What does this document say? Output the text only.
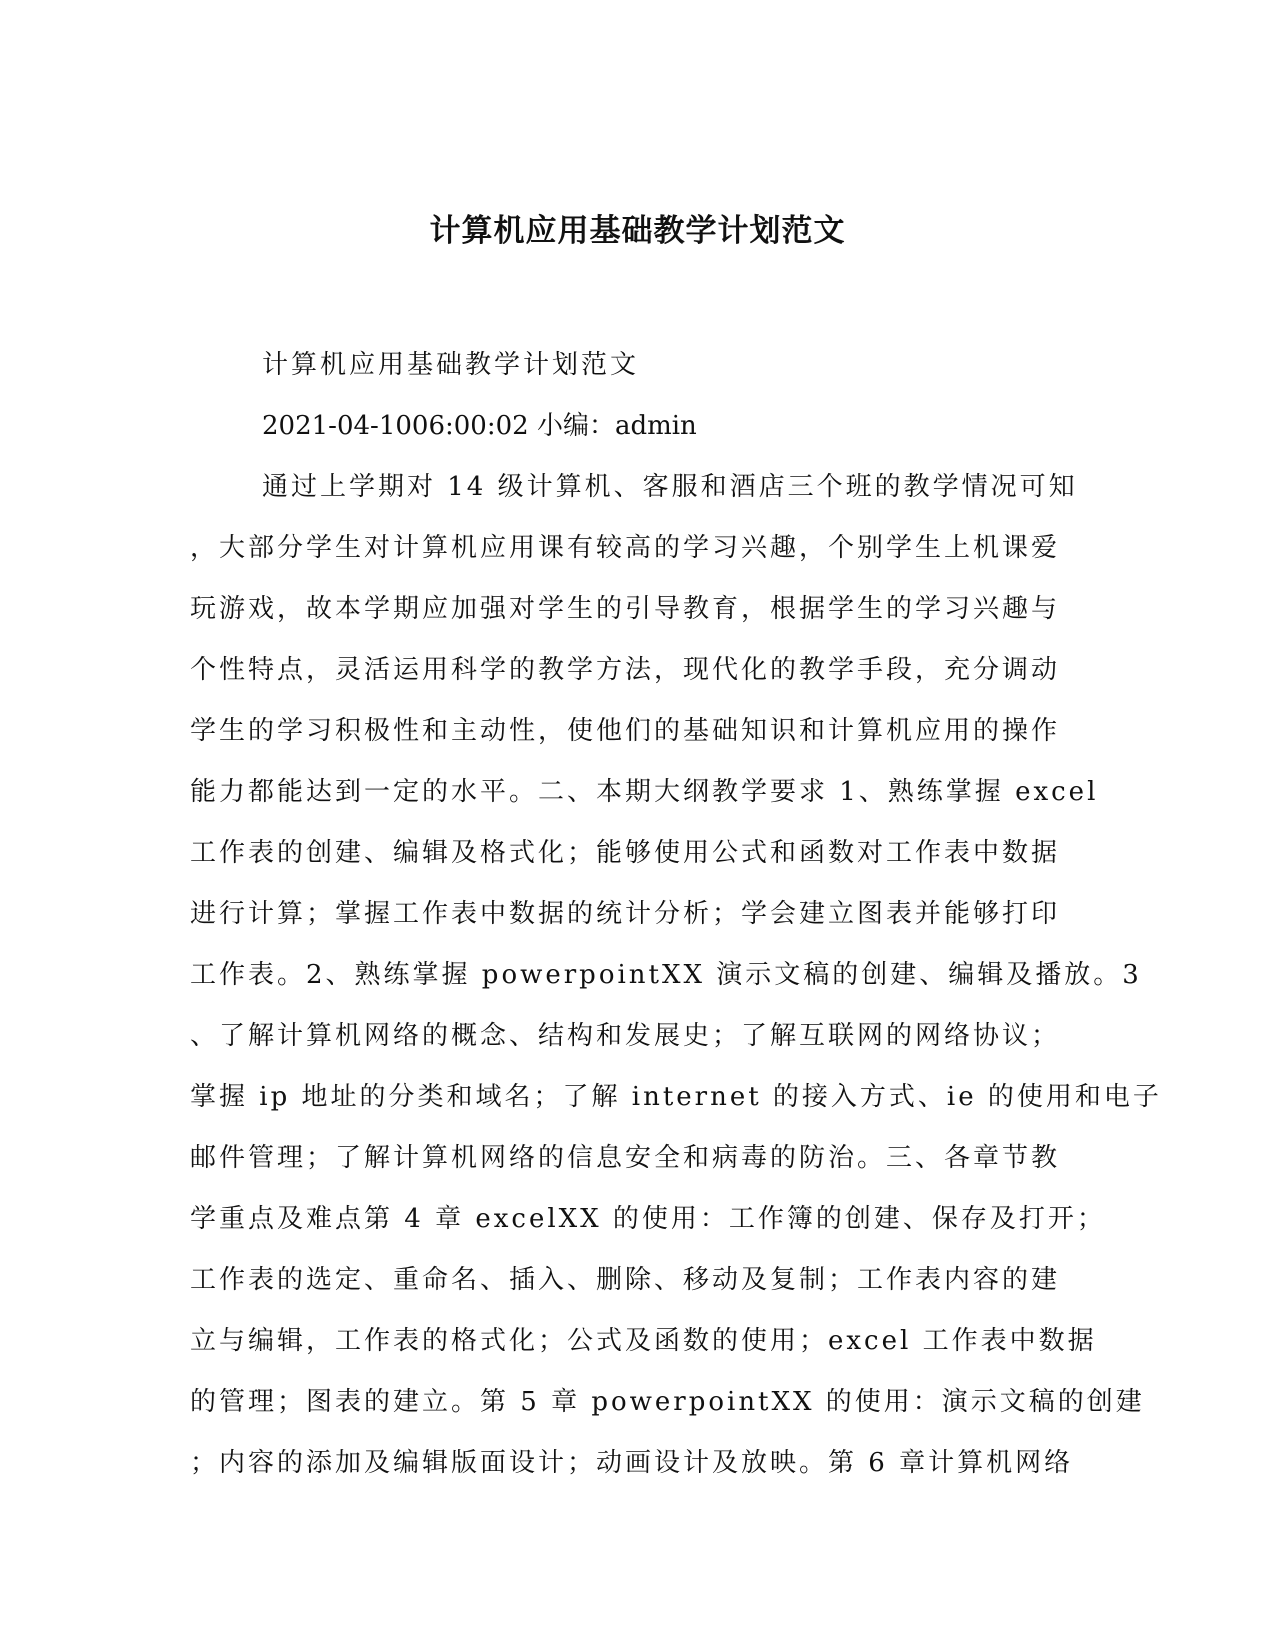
计算机应用基础教学计划范文

计算机应用基础教学计划范文

2021-04-1006:00:02 小编：admin

通过上学期对 14 级计算机、客服和酒店三个班的教学情况可知
，大部分学生对计算机应用课有较高的学习兴趣，个别学生上机课爱
玩游戏，故本学期应加强对学生的引导教育，根据学生的学习兴趣与
个性特点，灵活运用科学的教学方法，现代化的教学手段，充分调动
学生的学习积极性和主动性，使他们的基础知识和计算机应用的操作
能力都能达到一定的水平。二、本期大纲教学要求 1、熟练掌握 excel
工作表的创建、编辑及格式化；能够使用公式和函数对工作表中数据
进行计算；掌握工作表中数据的统计分析；学会建立图表并能够打印
工作表。2、熟练掌握 powerpointXX 演示文稿的创建、编辑及播放。3
、了解计算机网络的概念、结构和发展史；了解互联网的网络协议；
掌握 ip 地址的分类和域名；了解 internet 的接入方式、ie 的使用和电子
邮件管理；了解计算机网络的信息安全和病毒的防治。三、各章节教
学重点及难点第 4 章 excelXX 的使用：工作簿的创建、保存及打开；
工作表的选定、重命名、插入、删除、移动及复制；工作表内容的建
立与编辑，工作表的格式化；公式及函数的使用；excel 工作表中数据
的管理；图表的建立。第 5 章 powerpointXX 的使用：演示文稿的创建
；内容的添加及编辑版面设计；动画设计及放映。第 6 章计算机网络
